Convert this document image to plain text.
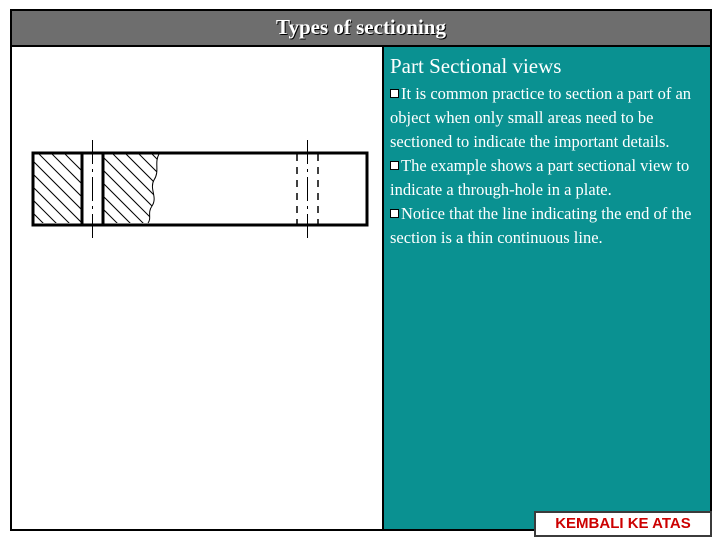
Types of sectioning
Part Sectional views

It is common practice to section a part of an object when only small areas need to be sectioned to indicate the important details.

The example shows a part sectional view to indicate a through-hole in a plate.

Notice that the line indicating the end of the section is a thin continuous line.

KEMBALI KE ATAS
